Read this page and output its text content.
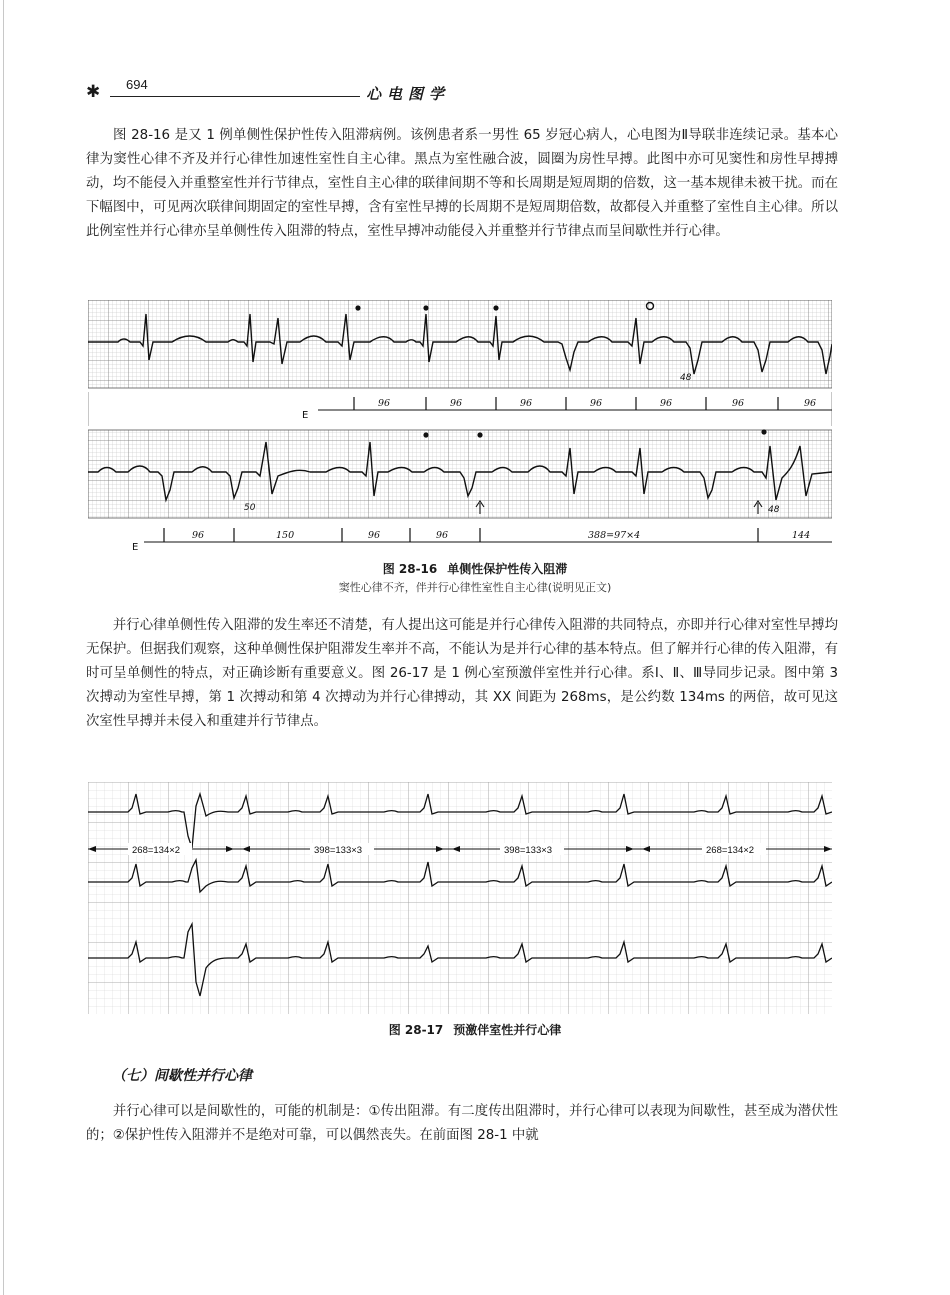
✱ 694
心电图学

图 28-16 是又 1 例单侧性保护性传入阻滞病例。该例患者系一男性 65 岁冠心病人，心电图为Ⅱ导联非连续记录。基本心律为窦性心律不齐及并行心律性加速性室性自主心律。黑点为室性融合波，圆圈为房性早搏。此图中亦可见窦性和房性早搏搏动，均不能侵入并重整室性并行节律点，室性自主心律的联律间期不等和长周期是短周期的倍数，这一基本规律未被干扰。而在下幅图中，可见两次联律间期固定的室性早搏，含有室性早搏的长周期不是短周期倍数，故都侵入并重整了室性自主心律。所以此例室性并行心律亦呈单侧性传入阻滞的特点，室性早搏冲动能侵入并重整并行节律点而呈间歇性并行心律。

48
E
96	96	96	96	96	96	96
50	48
E
96	150	96	96	388=97×4	144

图 28-16 单侧性保护性传入阻滞

窦性心律不齐，伴并行心律性室性自主心律(说明见正文)

并行心律单侧性传入阻滞的发生率还不清楚，有人提出这可能是并行心律传入阻滞的共同特点，亦即并行心律对室性早搏均无保护。但据我们观察，这种单侧性保护阻滞发生率并不高，不能认为是并行心律的基本特点。但了解并行心律的传入阻滞，有时可呈单侧性的特点，对正确诊断有重要意义。图 26-17 是 1 例心室预激伴室性并行心律。系Ⅰ、Ⅱ、Ⅲ导同步记录。图中第 3 次搏动为室性早搏，第 1 次搏动和第 4 次搏动为并行心律搏动，其 XX 间距为 268ms，是公约数 134ms 的两倍，故可见这次室性早搏并未侵入和重建并行节律点。

268=134×2	398=133×3	398=133×3	268=134×2

图 28-17 预激伴室性并行心律

（七）间歇性并行心律

并行心律可以是间歇性的，可能的机制是：①传出阻滞。有二度传出阻滞时，并行心律可以表现为间歇性，甚至成为潜伏性的；②保护性传入阻滞并不是绝对可靠，可以偶然丧失。在前面图 28-1 中就
